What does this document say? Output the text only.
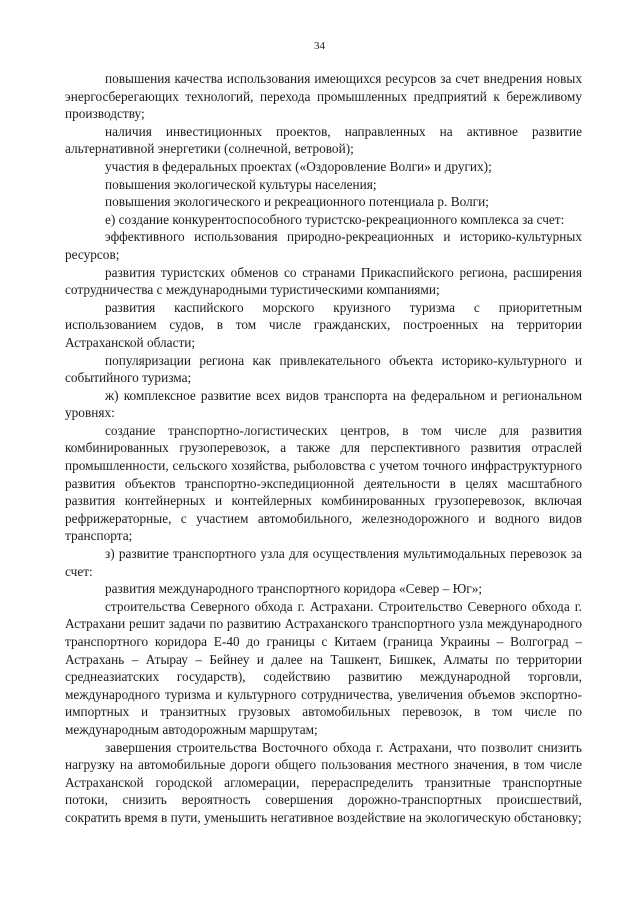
34

повышения качества использования имеющихся ресурсов за счет внедрения новых энергосберегающих технологий, перехода промышленных предприятий к бережливому производству;

наличия инвестиционных проектов, направленных на активное развитие альтернативной энергетики (солнечной, ветровой);

участия в федеральных проектах («Оздоровление Волги» и других);

повышения экологической культуры населения;

повышения экологического и рекреационного потенциала р. Волги;

е) создание конкурентоспособного туристско-рекреационного комплекса за счет:

эффективного использования природно-рекреационных и историко-культурных ресурсов;

развития туристских обменов со странами Прикаспийского региона, расширения сотрудничества с международными туристическими компаниями;

развития каспийского морского круизного туризма с приоритетным использованием судов, в том числе гражданских, построенных на территории Астраханской области;

популяризации региона как привлекательного объекта историко-культурного и событийного туризма;

ж) комплексное развитие всех видов транспорта на федеральном и региональном уровнях:

создание транспортно-логистических центров, в том числе для развития комбинированных грузоперевозок, а также для перспективного развития отраслей промышленности, сельского хозяйства, рыболовства с учетом точного инфраструктурного развития объектов транспортно-экспедиционной деятельности в целях масштабного развития контейнерных и контейлерных комбинированных грузоперевозок, включая рефрижераторные, с участием автомобильного, железнодорожного и водного видов транспорта;

з) развитие транспортного узла для осуществления мультимодальных перевозок за счет:

развития международного транспортного коридора «Север – Юг»;

строительства Северного обхода г. Астрахани. Строительство Северного обхода г. Астрахани решит задачи по развитию Астраханского транспортного узла международного транспортного коридора Е-40 до границы с Китаем (граница Украины – Волгоград – Астрахань – Атырау – Бейнеу и далее на Ташкент, Бишкек, Алматы по территории среднеазиатских государств), содействию развитию международной торговли, международного туризма и культурного сотрудничества, увеличения объемов экспортно-импортных и транзитных грузовых автомобильных перевозок, в том числе по международным автодорожным маршрутам;

завершения строительства Восточного обхода г. Астрахани, что позволит снизить нагрузку на автомобильные дороги общего пользования местного значения, в том числе Астраханской городской агломерации, перераспределить транзитные транспортные потоки, снизить вероятность совершения дорожно-транспортных происшествий, сократить время в пути, уменьшить негативное воздействие на экологическую обстановку;
